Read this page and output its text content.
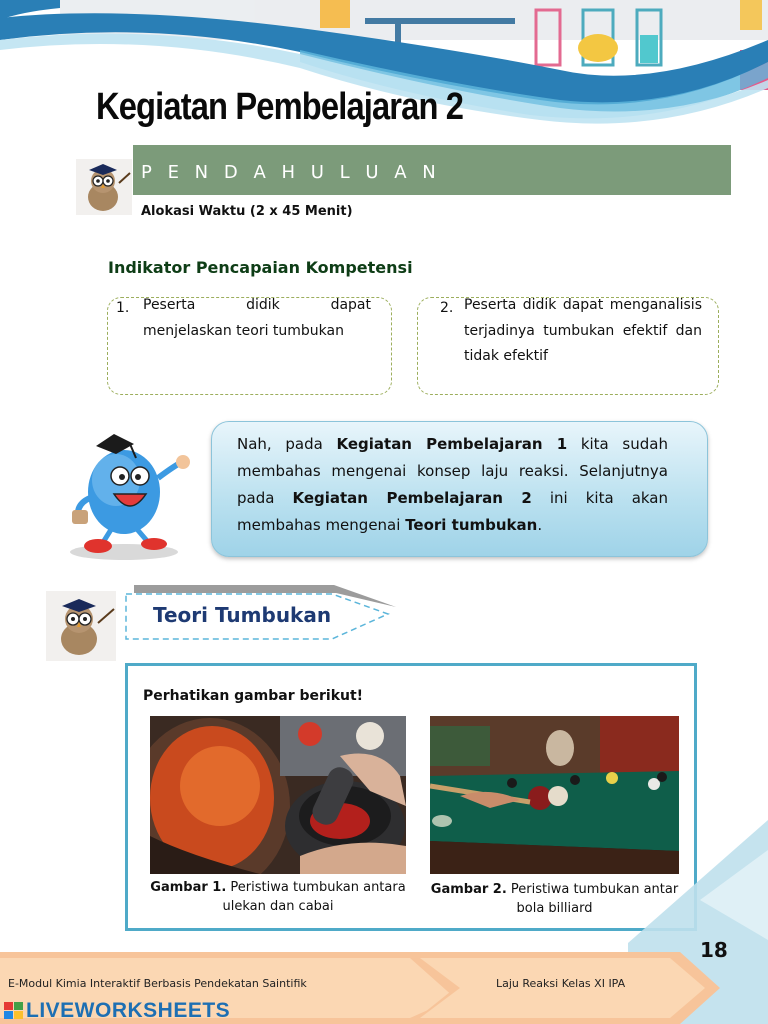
Kegiatan Pembelajaran 2
P E N D A H U L U A N
Alokasi Waktu (2 x 45 Menit)
Indikator Pencapaian Kompetensi
1. Peserta didik dapat menjelaskan teori tumbukan
2. Peserta didik dapat menganalisis terjadinya tumbukan efektif dan tidak efektif
Nah, pada Kegiatan Pembelajaran 1 kita sudah membahas mengenai konsep laju reaksi. Selanjutnya pada Kegiatan Pembelajaran 2 ini kita akan membahas mengenai Teori tumbukan.
Teori Tumbukan
Perhatikan gambar berikut!
Gambar 1. Peristiwa tumbukan antara ulekan dan cabai
Gambar 2. Peristiwa tumbukan antar bola billiard
18
E-Modul Kimia Interaktif Berbasis Pendekatan Saintifik	Laju Reaksi Kelas XI IPA
LIVEWORKSHEETS
